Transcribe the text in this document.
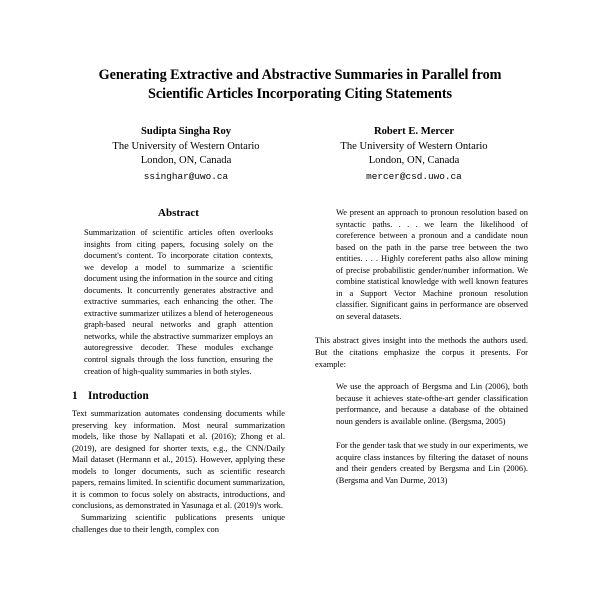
Generating Extractive and Abstractive Summaries in Parallel from
Scientific Articles Incorporating Citing Statements
Sudipta Singha Roy
The University of Western Ontario
London, ON, Canada
ssinghar@uwo.ca
Robert E. Mercer
The University of Western Ontario
London, ON, Canada
mercer@csd.uwo.ca
Abstract

Summarization of scientific articles often overlooks insights from citing papers, focusing solely on the document's content. To incorporate citation contexts, we develop a model to summarize a scientific document using the information in the source and citing documents. It concurrently generates abstractive and extractive summaries, each enhancing the other. The extractive summarizer utilizes a blend of heterogeneous graph-based neural networks and graph attention networks, while the abstractive summarizer employs an autoregressive decoder. These modules exchange control signals through the loss function, ensuring the creation of high-quality summaries in both styles.

1 Introduction

Text summarization automates condensing documents while preserving key information. Most neural summarization models, like those by Nallapati et al. (2016); Zhong et al. (2019), are designed for shorter texts, e.g., the CNN/Daily Mail dataset (Hermann et al., 2015). However, applying these models to longer documents, such as scientific research papers, remains limited. In scientific document summarization, it is common to focus solely on abstracts, introductions, and conclusions, as demonstrated in Yasunaga et al. (2019)'s work.

Summarizing scientific publications presents unique challenges due to their length, complex con

We present an approach to pronoun resolution based on syntactic paths. . . . we learn the likelihood of coreference between a pronoun and a candidate noun based on the path in the parse tree between the two entities. . . . Highly coreferent paths also allow mining of precise probabilistic gender/number information. We combine statistical knowledge with well known features in a Support Vector Machine pronoun resolution classifier. Significant gains in performance are observed on several datasets.

This abstract gives insight into the methods the authors used. But the citations emphasize the corpus it presents. For example:

We use the approach of Bergsma and Lin (2006), both because it achieves state-ofthe-art gender classification performance, and because a database of the obtained noun genders is available online. (Bergsma, 2005)

For the gender task that we study in our experiments, we acquire class instances by filtering the dataset of nouns and their genders created by Bergsma and Lin (2006). (Bergsma and Van Durme, 2013)
